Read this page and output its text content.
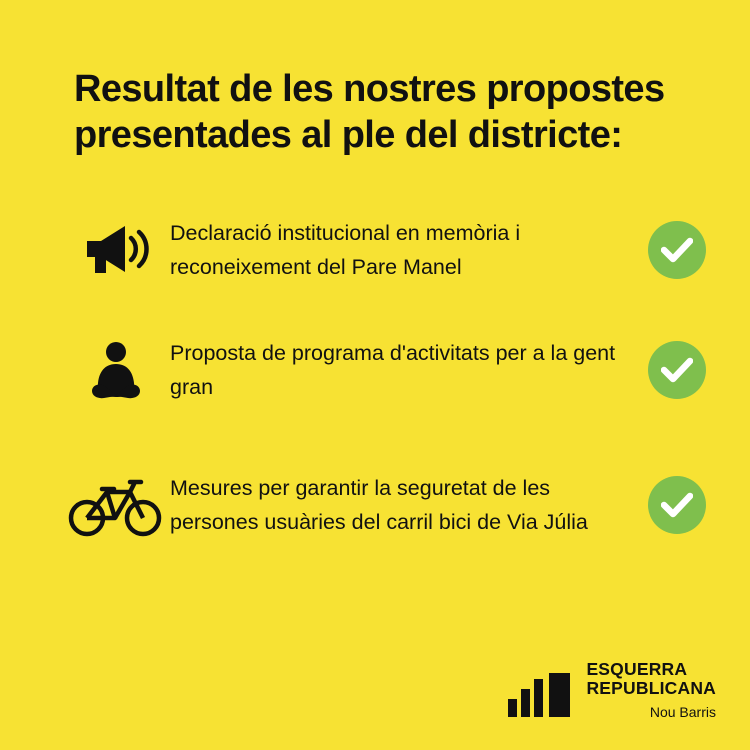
Resultat de les nostres propostes
presentades al ple del districte:
Declaració institucional en memòria i reconeixement del Pare Manel
Proposta de programa d'activitats per a la gent gran
Mesures per garantir la seguretat de les persones usuàries del carril bici de Via Júlia
ESQUERRA
REPUBLICANA
Nou Barris
